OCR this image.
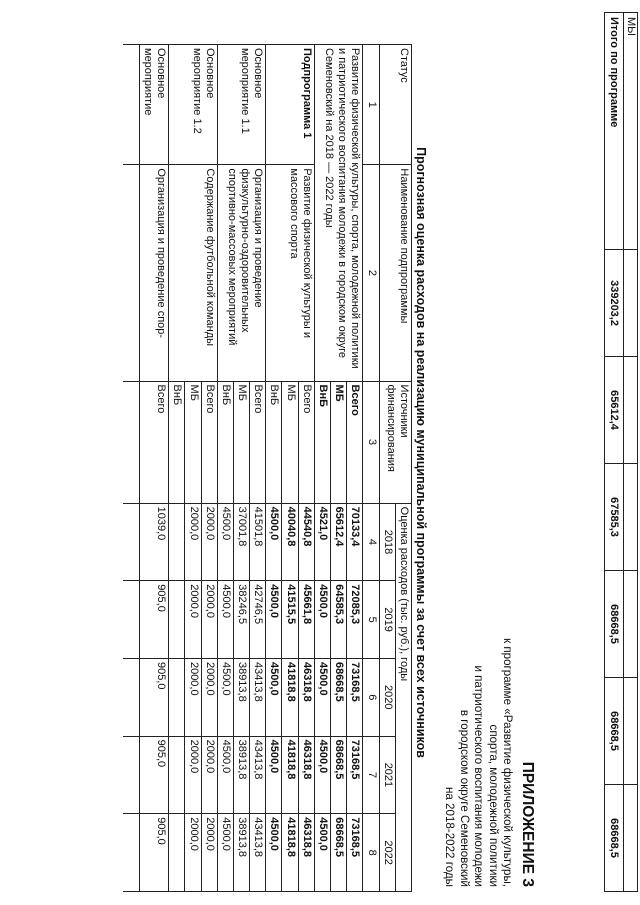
МЫ						
Итого по программе	339203,2	65612,4	67585,3	68668,5	68668,5	68668,5
ПРИЛОЖЕНИЕ 3
к программе «Развитие физической культуры,
спорта, молодежной политики
и патриотического воспитания молодежи
в городском округе Семеновский
на 2018-2022 годы
Прогнозная оценка расходов на реализацию муниципальной программы за счет всех источников
Статус	Наименование подпрограммы	Источники финансирования	Оценка расходов (тыс. руб.), годы				
			2018	2019	2020	2021	2022
1	2	3	4	5	6	7	8
Развитие физической культуры, спорта, молодежной политики и патриотического воспитания молодежи в городском округе Семеновский на 2018 — 2022 годы		Всего	70133,4	72085,3	73168,5	73168,5	73168,5
		МБ	65612,4	64585,3	68668,5	68668,5	68668,5
		ВнБ	4521,0	4500,0	4500,0	4500,0	4500,0
Подпрограмма 1	Развитие физической культуры и массового спорта	Всего	44540,8	45661,8	46318,8	46318,8	46318,8
		МБ	40040,8	41515,5	41818,8	41818,8	41818,8
		ВнБ	4500,0	4500,0	4500,0	4500,0	4500,0
Основное мероприятие 1.1	Организация и проведение физкультурно-оздоровительных спортивно-массовых мероприятий	Всего	41501,8	42746,5	43413,8	43413,8	43413,8
		МБ	37001,8	38246,5	38913,8	38913,8	38913,8
		ВнБ	4500,0	4500,0	4500,0	4500,0	4500,0
Основное мероприятие 1.2	Содержание футбольной команды	Всего	2000,0	2000,0	2000,0	2000,0	2000,0
		МБ	2000,0	2000,0	2000,0	2000,0	2000,0
		ВнБ					
Основное мероприятие	Организация и проведение спор-	Всего	1039,0	905,0	905,0	905,0	905,0
